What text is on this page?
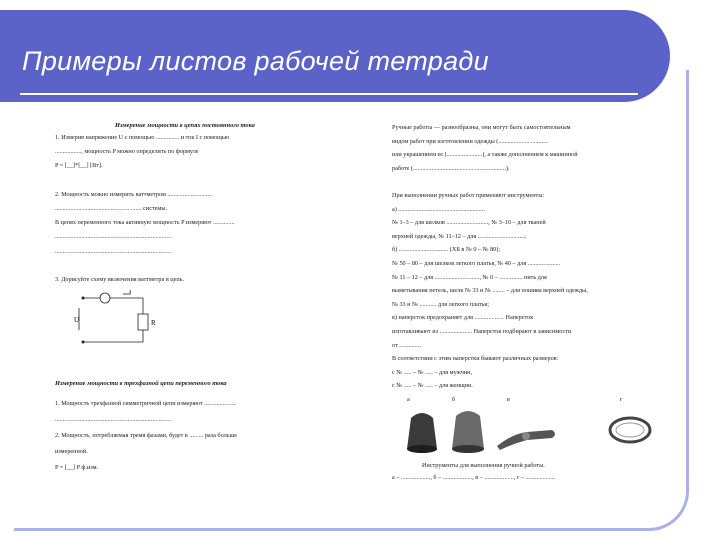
Примеры листов рабочей тетради
Измерение мощности в цепях постоянного тока
1. Измерив напряжение U с помощью ............... и ток I с помощью
................., мощность P можно определить по формуле
P = [__]*[__] [Вт].
2. Мощность можно измерить ваттметром .............................
........................................................ системы.
В цепях переменного тока активную мощность P измеряют ..............
...........................................................................
...........................................................................
3. Дорисуйте схему включения ваттметра в цепь.
U
I
R
Измерение мощности в трехфазной цепи переменного тока
1. Мощность трехфазной симметричной цепи измеряют .....................
...........................................................................
2. Мощность, потребляемая тремя фазами, будет в ......... раза больше
измеренной.
P = [__] P ф.изм.
Ручные работы — разнообразны, они могут быть самостоятельным
видом работ при изготовлении одежды (................................
или украшением ее (.......................), а также дополнением к машинной
работе (............................................................).
При выполнении ручных работ применяют инструменты:
а) ........................................................
№ 1–3 – для шелков ..........................., № 3–10 – для тканей
верхней одежды, № 11–12 – для ..............................;
б) ................................ (ХБ в № 0 – № 80);
№ 50 – 80 – для шелков легкого платья, № 40 – для .....................
№ 11 – 12 – для ............................., № 0 – ............... нить для
выметывания петель, шелк № 33 и № ........ – для пошива верхней одежды,
№ 33 и № ........... для легкого платья;
в) наперсток предохраняет для ................... Наперсток
изготавливают из ..................... Наперсток подбирают в зависимости
от ..............
В соответствии с этим наперстки бывают различных размеров:
с № ..... – № ..... – для мужчин,
с № ..... – № ..... – для женщин.
а	б	в	г
Инструменты для выполнения ручной работы.
а – ..................., б – ..................., в – ..................., г – ...................
